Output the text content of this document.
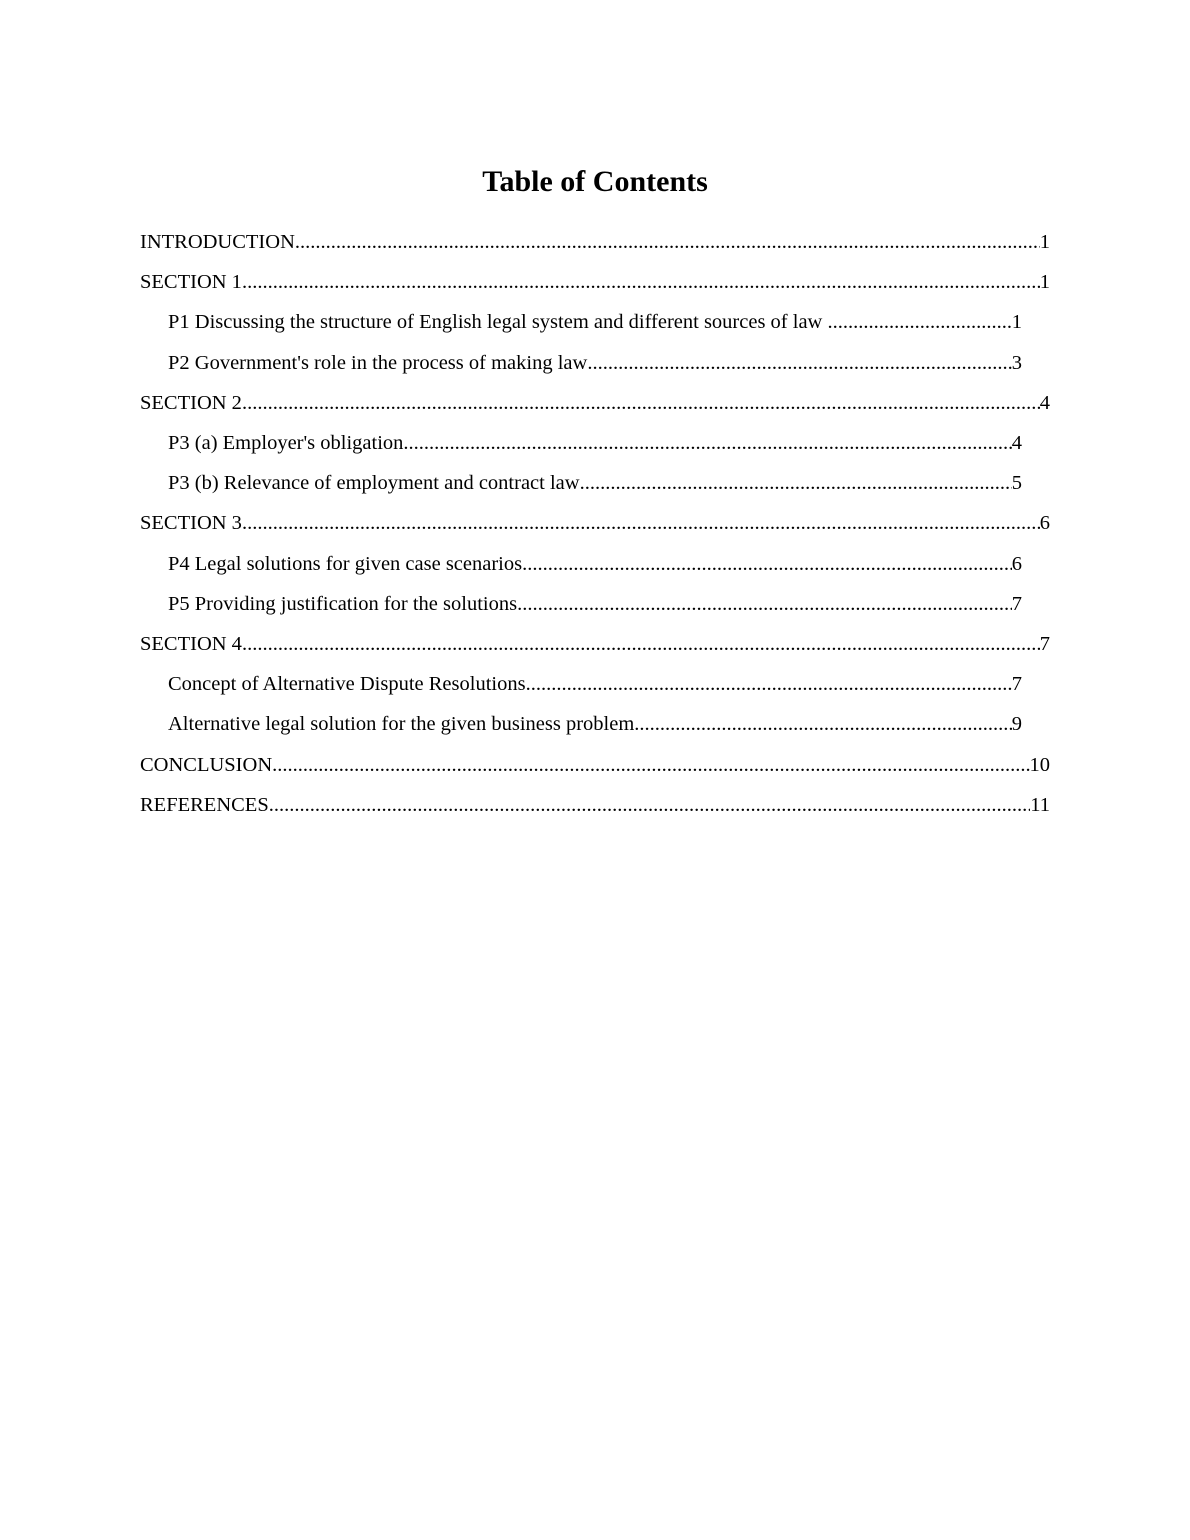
Table of Contents
INTRODUCTION .....	1
SECTION 1 .....	1
P1 Discussing the structure of English legal system and different sources of law .....	1
P2 Government's role in the process of making law .....	3
SECTION 2 .....	4
P3 (a) Employer's obligation .....	4
P3 (b) Relevance of employment and contract law .....	5
SECTION 3 .....	6
P4 Legal solutions for given case scenarios .....	6
P5 Providing justification for the solutions .....	7
SECTION 4 .....	7
Concept of Alternative Dispute Resolutions .....	7
Alternative legal solution for the given business problem .....	9
CONCLUSION .....	10
REFERENCES .....	11
